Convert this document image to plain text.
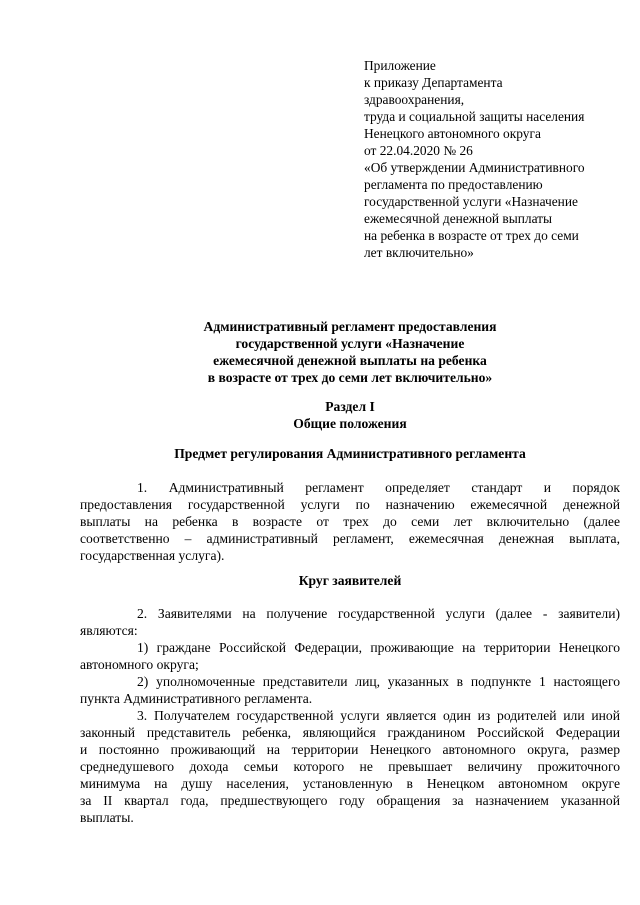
Приложение
к приказу Департамента
здравоохранения,
труда и социальной защиты населения
Ненецкого автономного округа
от 22.04.2020 № 26
«Об утверждении Административного
регламента по предоставлению
государственной услуги «Назначение
ежемесячной денежной выплаты
на ребенка в возрасте от трех до семи
лет включительно»
Административный регламент предоставления
государственной услуги «Назначение
ежемесячной денежной выплаты на ребенка
в возрасте от трех до семи лет включительно»
Раздел I
Общие положения
Предмет регулирования Административного регламента
1. Административный регламент определяет стандарт и порядок
предоставления государственной услуги по назначению ежемесячной денежной
выплаты на ребенка в возрасте от трех до семи лет включительно (далее
соответственно – административный регламент, ежемесячная денежная выплата,
государственная услуга).
Круг заявителей
2. Заявителями на получение государственной услуги (далее - заявители)
являются:
1) граждане Российской Федерации, проживающие на территории Ненецкого
автономного округа;
2) уполномоченные представители лиц, указанных в подпункте 1 настоящего
пункта Административного регламента.
3. Получателем государственной услуги является один из родителей или иной
законный представитель ребенка, являющийся гражданином Российской Федерации
и постоянно проживающий на территории Ненецкого автономного округа, размер
среднедушевого дохода семьи которого не превышает величину прожиточного
минимума на душу населения, установленную в Ненецком автономном округе
за II квартал года, предшествующего году обращения за назначением указанной
выплаты.
